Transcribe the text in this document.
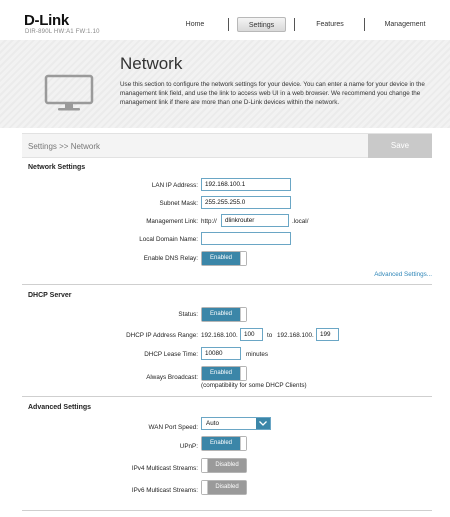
D-Link
DIR-890L HW:A1 FW:1.10
Home	Settings	Features	Management
Network
Use this section to configure the network settings for your device. You can enter a name for your device in the management link field, and use the link to access web UI in a web browser. We recommend you change the management link if there are more than one D-Link devices within the network.
Settings >> Network	Save
Network Settings
LAN IP Address:	192.168.100.1
Subnet Mask:	255.255.255.0
Management Link: http://	dlinkrouter	.local/
Local Domain Name:
Enable DNS Relay:	Enabled
Advanced Settings...
DHCP Server
Status:	Enabled
DHCP IP Address Range: 192.168.100. 100	to 192.168.100. 199
DHCP Lease Time:	10080	minutes
Always Broadcast:
Enabled
(compatibility for some DHCP Clients)
Advanced Settings
WAN Port Speed:
Auto
UPnP:	Enabled
IPv4 Multicast Streams:	Disabled
IPv6 Multicast Streams:	Disabled
